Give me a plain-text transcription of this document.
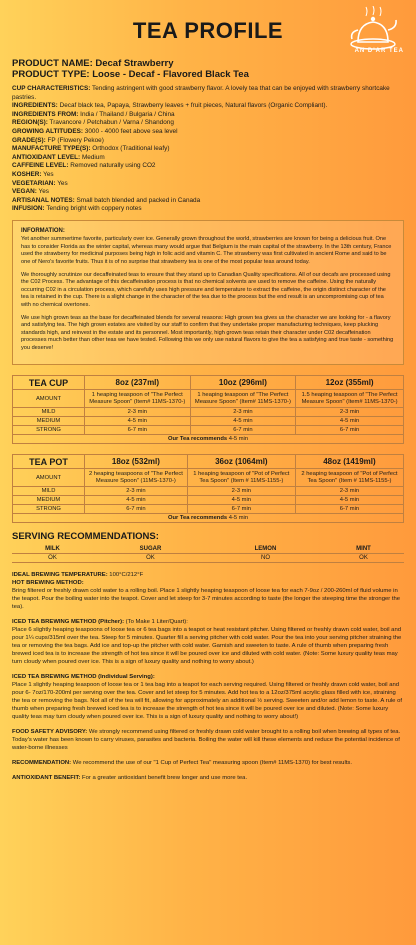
AN D'AR TEA
TEA PROFILE
PRODUCT NAME: Decaf Strawberry
PRODUCT TYPE: Loose - Decaf - Flavored Black Tea
CUP CHARACTERISTICS: Tending astringent with good strawberry flavor. A lovely tea that can be enjoyed with strawberry shortcake pastries.
INGREDIENTS: Decaf black tea, Papaya, Strawberry leaves + fruit pieces, Natural flavors (Organic Compliant).
INGREDIENTS FROM: India / Thailand / Bulgaria / China
REGION(S): Travancore / Petchabun / Varna / Shandong
GROWING ALTITUDES: 3000 - 4000 feet above sea level
GRADE(S): FP (Flowery Pekoe)
MANUFACTURE TYPE(S): Orthodox (Traditional leafy)
ANTIOXIDANT LEVEL: Medium
CAFFEINE LEVEL: Removed naturally using CO2
KOSHER: Yes
VEGETARIAN: Yes
VEGAN: Yes
ARTISANAL NOTES: Small batch blended and packed in Canada
INFUSION: Tending bright with coppery notes
INFORMATION:

Yet another summertime favorite, particularly over ice. Generally grown throughout the world, strawberries are known for being a delicious fruit. One has to consider Florida as the winter capital, whereas many would argue that Belgium is the main capital of the strawberry. In the 13th century, France used the strawberry for medicinal purposes being high in folic acid and vitamin C. The strawberry was first cultivated in ancient Rome and said to be one of Nero's favorite fruits. Thus it is of no surprise that strawberry tea is one of the most popular teas around today.

We thoroughly scrutinize our decaffeinated teas to ensure that they stand up to Canadian Quality specifications. All of our decafs are processed using the C02 Process. The advantage of this decaffeination process is that no chemical solvents are used to remove the caffeine. Using the naturally occurring C02 in a circulation process, which carefully uses high pressure and temperature to extract the caffeine, the origin distinct character of the tea is retained in the cup. There is a slight change in the character of the tea due to the process but the end result is an uncompromising cup of tea with no chemical overtones.

We use high grown teas as the base for decaffeinated blends for several reasons: High grown tea gives us the character we are looking for - a flavory and satisfying tea. The high grown estates are visited by our staff to confirm that they undertake proper manufacturing techniques, keep plucking standards high, and reinvest in the estate and its personnel. Most importantly, high grown teas retain their character under C02 decaffeination processes much better than other teas we have tested. Following this we only use natural flavors to give the tea a satisfying and true taste - something you deserve!

TEA CUP	8oz (237ml)	10oz (296ml)	12oz (355ml)
AMOUNT	1 heaping teaspoon of "The Perfect Measure Spoon" (Item# 11MS-1370-)	1 heaping teaspoon of "The Perfect Measure Spoon" (Item# 11MS-1370-)	1.5 heaping teaspoon of "The Perfect Measure Spoon" (Item# 11MS-1370-)
MILD	2-3 min	2-3 min	2-3 min
MEDIUM	4-5 min	4-5 min	4-5 min
STRONG	6-7 min	6-7 min	6-7 min
Our Tea recommends 4-5 min			
TEA POT	18oz (532ml)	36oz (1064ml)	48oz (1419ml)
AMOUNT	2 heaping teaspoons of "The Perfect Measure Spoon" (11MS-1370-)	1 heaping teaspoon of "Pot of Perfect Tea Spoon" (Item # 11MS-1155-)	2 heaping teaspoon of "Pot of Perfect Tea Spoon" (Item # 11MS-1155-)
MILD	2-3 min	2-3 min	2-3 min
MEDIUM	4-5 min	4-5 min	4-5 min
STRONG	6-7 min	6-7 min	6-7 min
Our Tea recommends 4-5 min			
SERVING RECOMMENDATIONS:
MILK	SUGAR	LEMON	MINT
OK	OK	NO	OK
IDEAL BREWING TEMPERATURE: 100°C/212°F
HOT BREWING METHOD:
Bring filtered or freshly drawn cold water to a rolling boil. Place 1 slightly heaping teaspoon of loose tea for each 7-9oz / 200-260ml of fluid volume in the teapot. Pour the boiling water into the teapot. Cover and let steep for 3-7 minutes according to taste (the longer the steeping time the stronger the tea).
ICED TEA BREWING METHOD (Pitcher): (To Make 1 Liter/Quart):
Place 6 slightly heaping teaspoons of loose tea or 6 tea bags into a teapot or heat resistant pitcher. Using filtered or freshly drawn cold water, boil and pour 1¼ cups/315ml over the tea. Steep for 5 minutes. Quarter fill a serving pitcher with cold water. Pour the tea into your serving pitcher straining the tea or removing the tea bags. Add ice and top-up the pitcher with cold water. Garnish and sweeten to taste. A rule of thumb when preparing fresh brewed iced tea is to increase the strength of hot tea since it will be poured over ice and diluted with cold water. (Note: Some luxury quality teas may turn cloudy when poured over ice. This is a sign of luxury quality and nothing to worry about.)
ICED TEA BREWING METHOD (Individual Serving):
Place 1 slightly heaping teaspoon of loose tea or 1 tea bag into a teapot for each serving required. Using filtered or freshly drawn cold water, boil and pour 6- 7oz/170-200ml per serving over the tea. Cover and let steep for 5 minutes. Add hot tea to a 12oz/375ml acrylic glass filled with ice, straining the tea or removing the bags. Not all of the tea will fit, allowing for approximately an additional ½ serving. Sweeten and/or add lemon to taste. A rule of thumb when preparing fresh brewed iced tea is to increase the strength of hot tea since it will be poured over ice and diluted. (Note: Some luxury quality teas may turn cloudy when poured over ice. This is a sign of luxury quality and nothing to worry about!)
FOOD SAFETY ADVISORY: We strongly recommend using filtered or freshly drawn cold water brought to a rolling boil when brewing all types of tea. Today's water has been known to carry viruses, parasites and bacteria. Boiling the water will kill these elements and reduce the potential incidence of water-borne illnesses
RECOMMENDATION: We recommend the use of our "1 Cup of Perfect Tea" measuring spoon (Item# 11MS-1370) for best results.
ANTIOXIDANT BENEFIT: For a greater antioxidant benefit brew longer and use more tea.
